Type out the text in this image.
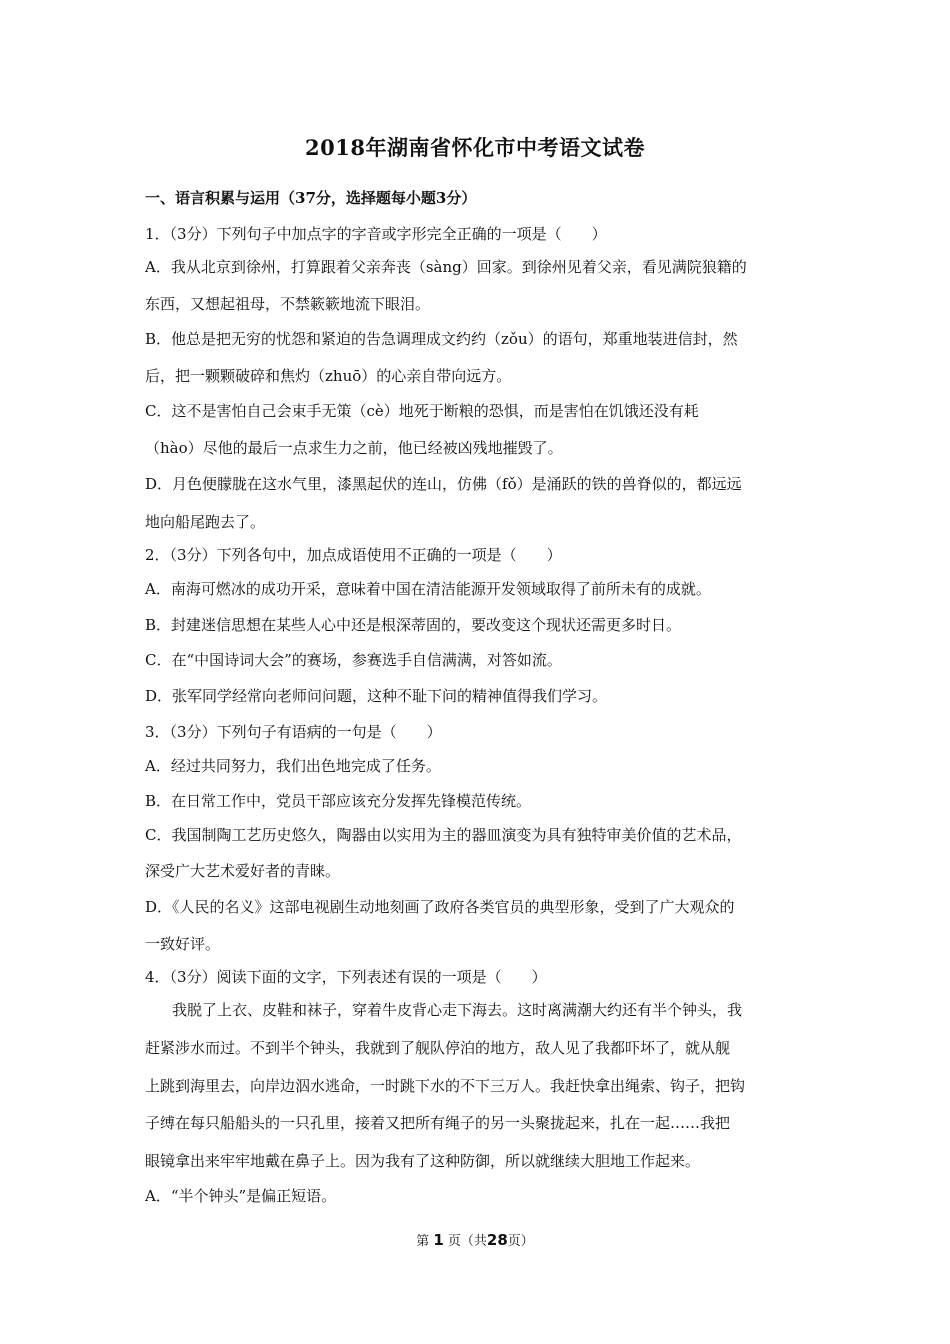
2018年湖南省怀化市中考语文试卷
一、语言积累与运用（37分，选择题每小题3分）
1．（3分）下列句子中加点字的字音或字形完全正确的一项是（　　）
A．我从北京到徐州，打算跟着父亲奔丧（sàng）回家。到徐州见着父亲，看见满院狼籍的
东西，又想起祖母，不禁簌簌地流下眼泪。
B．他总是把无穷的忧怨和紧迫的告急调理成文约约（zǒu）的语句，郑重地装进信封，然
后，把一颗颗破碎和焦灼（zhuō）的心亲自带向远方。
C．这不是害怕自己会束手无策（cè）地死于断粮的恐惧，而是害怕在饥饿还没有耗
（hào）尽他的最后一点求生力之前，他已经被凶残地摧毁了。
D．月色便朦胧在这水气里，漆黑起伏的连山，仿佛（fǒ）是涌跃的铁的兽脊似的，都远远
地向船尾跑去了。
2．（3分）下列各句中，加点成语使用不正确的一项是（　　）
A．南海可燃冰的成功开采，意味着中国在清洁能源开发领域取得了前所未有的成就。
B．封建迷信思想在某些人心中还是根深蒂固的，要改变这个现状还需更多时日。
C．在“中国诗词大会”的赛场，参赛选手自信满满，对答如流。
D．张军同学经常向老师问问题，这种不耻下问的精神值得我们学习。
3．（3分）下列句子有语病的一句是（　　）
A．经过共同努力，我们出色地完成了任务。
B．在日常工作中，党员干部应该充分发挥先锋模范传统。
C．我国制陶工艺历史悠久，陶器由以实用为主的器皿演变为具有独特审美价值的艺术品，
深受广大艺术爱好者的青睐。
D．《人民的名义》这部电视剧生动地刻画了政府各类官员的典型形象，受到了广大观众的
一致好评。
4．（3分）阅读下面的文字，下列表述有误的一项是（　　）
我脱了上衣、皮鞋和袜子，穿着牛皮背心走下海去。这时离满潮大约还有半个钟头，我
赶紧涉水而过。不到半个钟头，我就到了舰队停泊的地方，敌人见了我都吓坏了，就从舰
上跳到海里去，向岸边泅水逃命，一时跳下水的不下三万人。我赶快拿出绳索、钩子，把钩
子缚在每只船船头的一只孔里，接着又把所有绳子的另一头聚拢起来，扎在一起……我把
眼镜拿出来牢牢地戴在鼻子上。因为我有了这种防御，所以就继续大胆地工作起来。
A．“半个钟头”是偏正短语。
第 1 页（共28页）
